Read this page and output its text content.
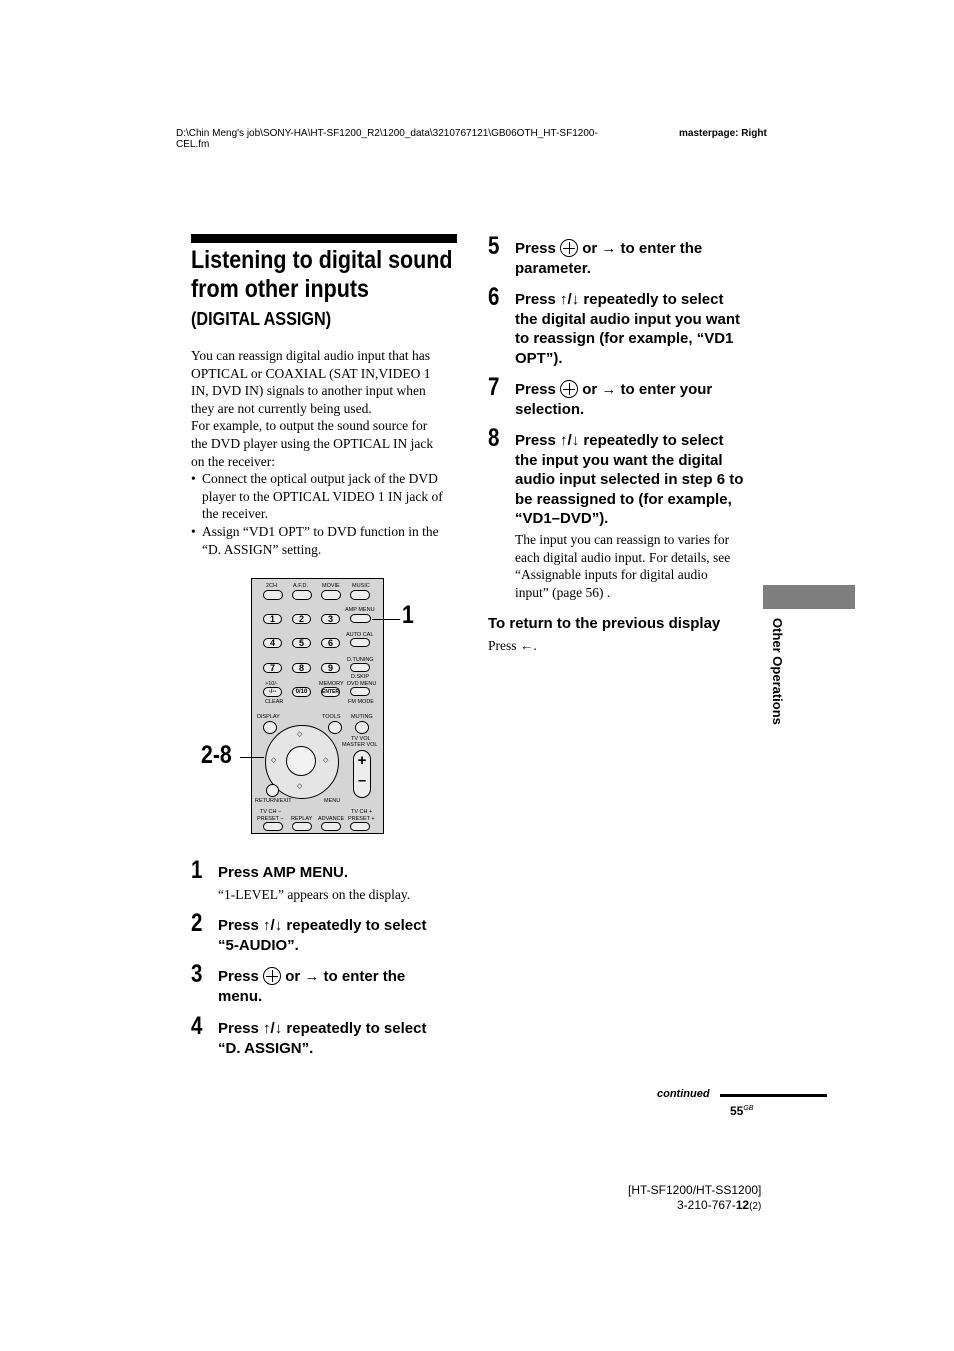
D:\Chin Meng's job\SONY-HA\HT-SF1200_R2\1200_data\3210767121\GB06OTH_HT-SF1200-
CEL.fm
masterpage: Right
Listening to digital sound
from other inputs
(DIGITAL ASSIGN)
You can reassign digital audio input that has
OPTICAL or COAXIAL (SAT IN,VIDEO 1
IN, DVD IN) signals to another input when
they are not currently being used.
For example, to output the sound source for
the DVD player using the OPTICAL IN jack
on the receiver:
• Connect the optical output jack of the DVD
player to the OPTICAL VIDEO 1 IN jack of
the receiver.
• Assign “VD1 OPT” to DVD function in the
“D. ASSIGN” setting.
2CH	A.F.D.	MOVIE MUSIC
AMP MENU
1	2	3
AUTO CAL
4	5	6
D.TUNING
7	8	9
D.SKIP
>10/-	MEMORY DVD MENU
-/--	0/10	ENTER
CLEAR	FM MODE
DISPLAY	TOOLS MUTING
TV VOL
MASTER VOL
◇
◇
◇	◇	+
–
RETURN/EXIT	MENU
TV CH –	TV CH +
PRESET – REPLAY ADVANCE PRESET +
1
2-8
1 Press AMP MENU.
“1-LEVEL” appears on the display.
2 Press ↑/↓ repeatedly to select
“5-AUDIO”.
3 Press  or → to enter the
menu.
4 Press ↑/↓ repeatedly to select
“D. ASSIGN”.
5 Press  or → to enter the
parameter.
6 Press ↑/↓ repeatedly to select
the digital audio input you want
to reassign (for example, “VD1
OPT”).
7 Press  or → to enter your
selection.
8 Press ↑/↓ repeatedly to select
the input you want the digital
audio input selected in step 6 to
be reassigned to (for example,
“VD1–DVD”).
The input you can reassign to varies for
each digital audio input. For details, see
“Assignable inputs for digital audio
input” (page 56) .
To return to the previous display
Press ←.	Other Operations
continued
$55^{GB}$
[HT-SF1200/HT-SS1200]
3-210-767-12(2)
